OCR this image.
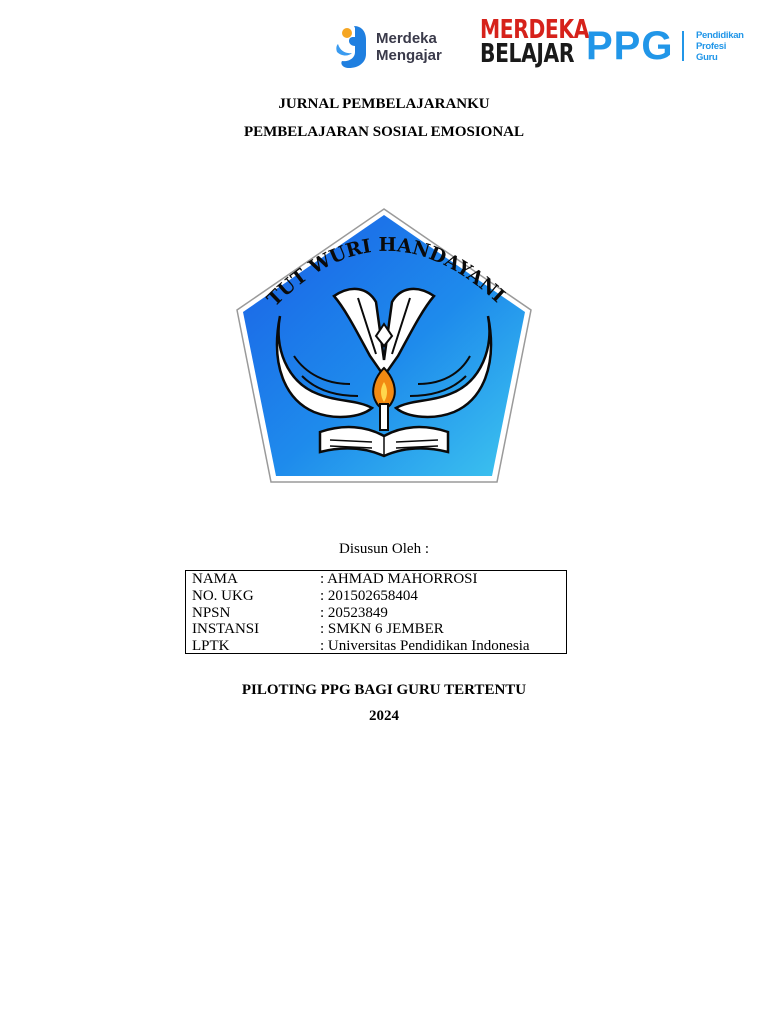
Merdeka
Mengajar
MERDEKA
BELAJAR PPG Pendidikan
Profesi
Guru
JURNAL PEMBELAJARANKU
PEMBELAJARAN SOSIAL EMOSIONAL
TUT WURI HANDAYANI
Disusun Oleh :
NAMA	: AHMAD MAHORROSI
NO. UKG	: 201502658404
NPSN	: 20523849
INSTANSI	: SMKN 6 JEMBER
LPTK	: Universitas Pendidikan Indonesia
PILOTING PPG BAGI GURU TERTENTU
2024
